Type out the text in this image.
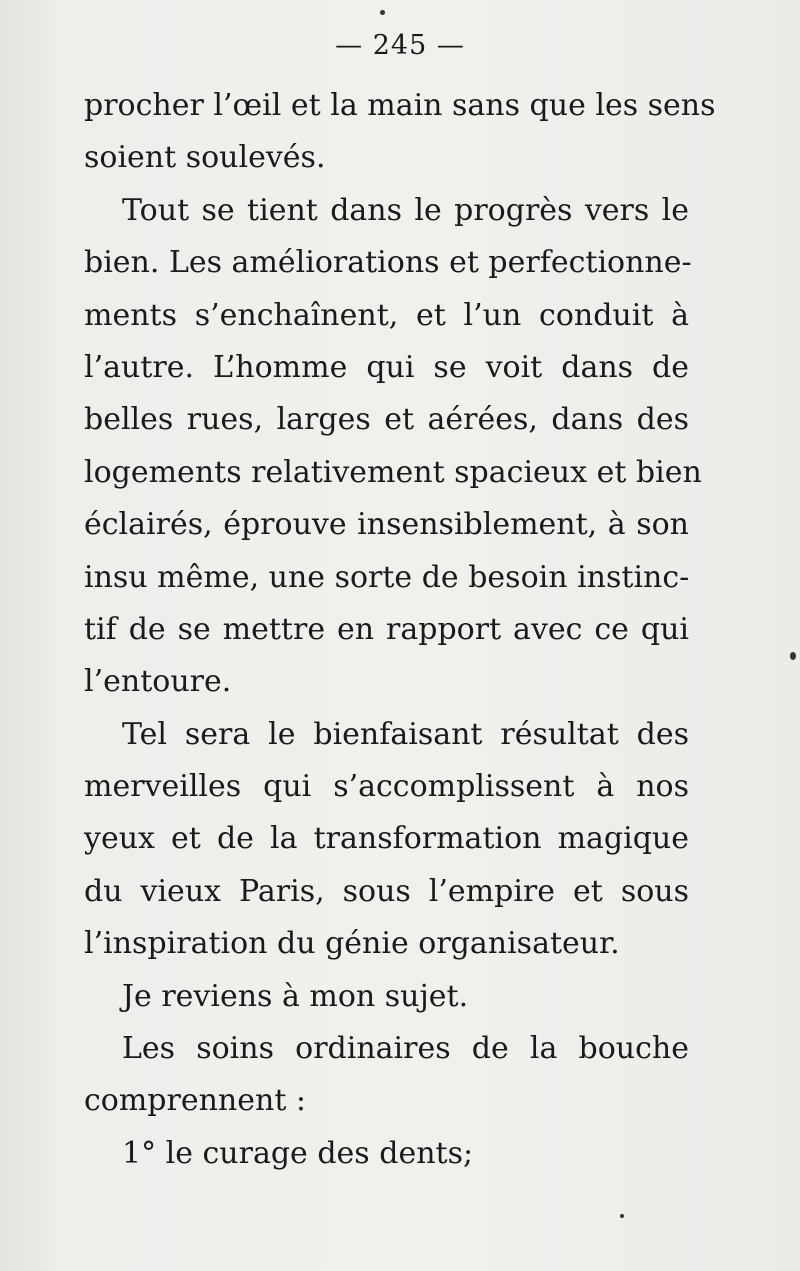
— 245 —
procher l’œil et la main sans que les sens
soient soulevés.
Tout se tient dans le progrès vers le
bien. Les améliorations et perfectionne-
ments s’enchaînent, et l’un conduit à
l’autre. L’homme qui se voit dans de
belles rues, larges et aérées, dans des
logements relativement spacieux et bien
éclairés, éprouve insensiblement, à son
insu même, une sorte de besoin instinc-
tif de se mettre en rapport avec ce qui
l’entoure.
Tel sera le bienfaisant résultat des
merveilles qui s’accomplissent à nos
yeux et de la transformation magique
du vieux Paris, sous l’empire et sous
l’inspiration du génie organisateur.
Je reviens à mon sujet.
Les soins ordinaires de la bouche
comprennent :
1° le curage des dents;
